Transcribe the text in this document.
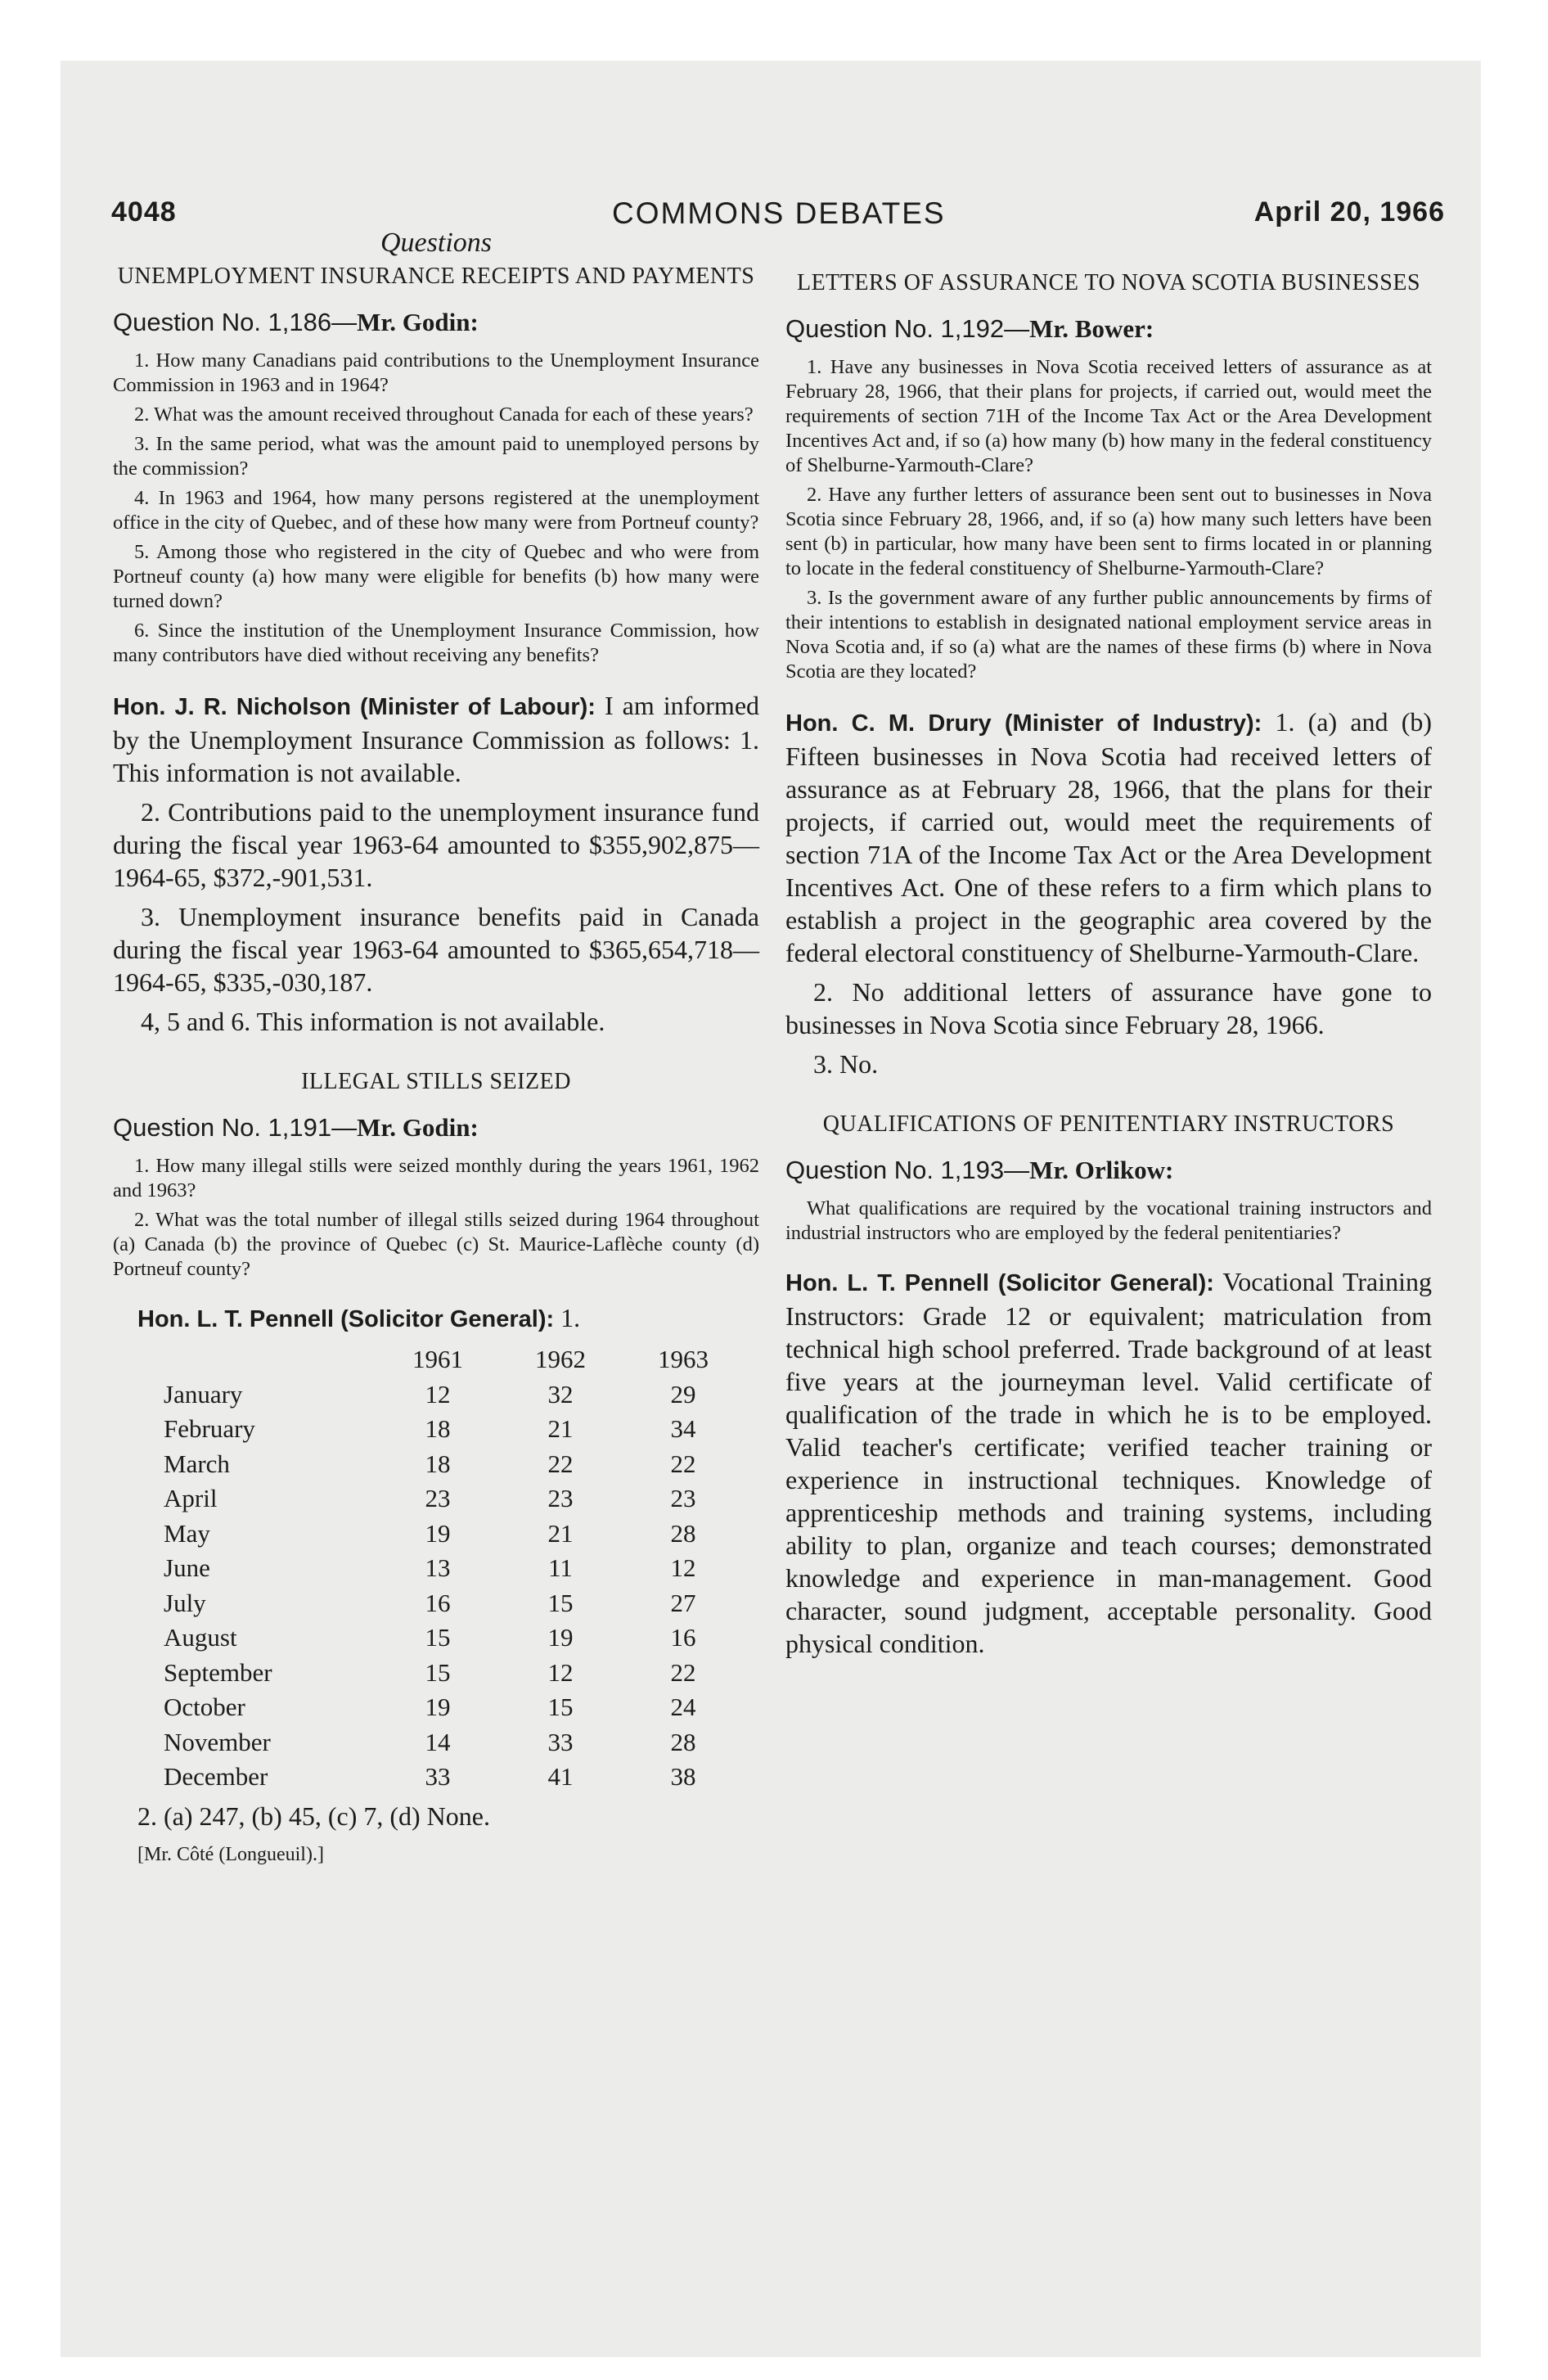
4048	COMMONS DEBATES	April 20, 1966
Questions
UNEMPLOYMENT INSURANCE RECEIPTS AND PAYMENTS
Question No. 1,186—Mr. Godin:

1. How many Canadians paid contributions to the Unemployment Insurance Commission in 1963 and in 1964?

2. What was the amount received throughout Canada for each of these years?

3. In the same period, what was the amount paid to unemployed persons by the commission?

4. In 1963 and 1964, how many persons registered at the unemployment office in the city of Quebec, and of these how many were from Portneuf county?

5. Among those who registered in the city of Quebec and who were from Portneuf county (a) how many were eligible for benefits (b) how many were turned down?

6. Since the institution of the Unemployment Insurance Commission, how many contributors have died without receiving any benefits?

Hon. J. R. Nicholson (Minister of Labour): I am informed by the Unemployment Insurance Commission as follows: 1. This information is not available.

2. Contributions paid to the unemployment insurance fund during the fiscal year 1963-64 amounted to $355,902,875—1964-65, $372,-901,531.

3. Unemployment insurance benefits paid in Canada during the fiscal year 1963-64 amounted to $365,654,718—1964-65, $335,-030,187.

4, 5 and 6. This information is not available.

ILLEGAL STILLS SEIZED
Question No. 1,191—Mr. Godin:

1. How many illegal stills were seized monthly during the years 1961, 1962 and 1963?

2. What was the total number of illegal stills seized during 1964 throughout (a) Canada (b) the province of Quebec (c) St. Maurice-Laflèche county (d) Portneuf county?

Hon. L. T. Pennell (Solicitor General): 1.

	1961	1962	1963
January	12	32	29
February	18	21	34
March	18	22	22
April	23	23	23
May	19	21	28
June	13	11	12
July	16	15	27
August	15	19	16
September	15	12	22
October	19	15	24
November	14	33	28
December	33	41	38

2. (a) 247, (b) 45, (c) 7, (d) None.

[Mr. Côté (Longueuil).]
LETTERS OF ASSURANCE TO NOVA SCOTIA BUSINESSES
Question No. 1,192—Mr. Bower:

1. Have any businesses in Nova Scotia received letters of assurance as at February 28, 1966, that their plans for projects, if carried out, would meet the requirements of section 71H of the Income Tax Act or the Area Development Incentives Act and, if so (a) how many (b) how many in the federal constituency of Shelburne-Yarmouth-Clare?

2. Have any further letters of assurance been sent out to businesses in Nova Scotia since February 28, 1966, and, if so (a) how many such letters have been sent (b) in particular, how many have been sent to firms located in or planning to locate in the federal constituency of Shelburne-Yarmouth-Clare?

3. Is the government aware of any further public announcements by firms of their intentions to establish in designated national employment service areas in Nova Scotia and, if so (a) what are the names of these firms (b) where in Nova Scotia are they located?

Hon. C. M. Drury (Minister of Industry): 1. (a) and (b) Fifteen businesses in Nova Scotia had received letters of assurance as at February 28, 1966, that the plans for their projects, if carried out, would meet the requirements of section 71A of the Income Tax Act or the Area Development Incentives Act. One of these refers to a firm which plans to establish a project in the geographic area covered by the federal electoral constituency of Shelburne-Yarmouth-Clare.

2. No additional letters of assurance have gone to businesses in Nova Scotia since February 28, 1966.

3. No.

QUALIFICATIONS OF PENITENTIARY INSTRUCTORS
Question No. 1,193—Mr. Orlikow:

What qualifications are required by the vocational training instructors and industrial instructors who are employed by the federal penitentiaries?

Hon. L. T. Pennell (Solicitor General): Vocational Training Instructors: Grade 12 or equivalent; matriculation from technical high school preferred. Trade background of at least five years at the journeyman level. Valid certificate of qualification of the trade in which he is to be employed. Valid teacher's certificate; verified teacher training or experience in instructional techniques. Knowledge of apprenticeship methods and training systems, including ability to plan, organize and teach courses; demonstrated knowledge and experience in man-management. Good character, sound judgment, acceptable personality. Good physical condition.
